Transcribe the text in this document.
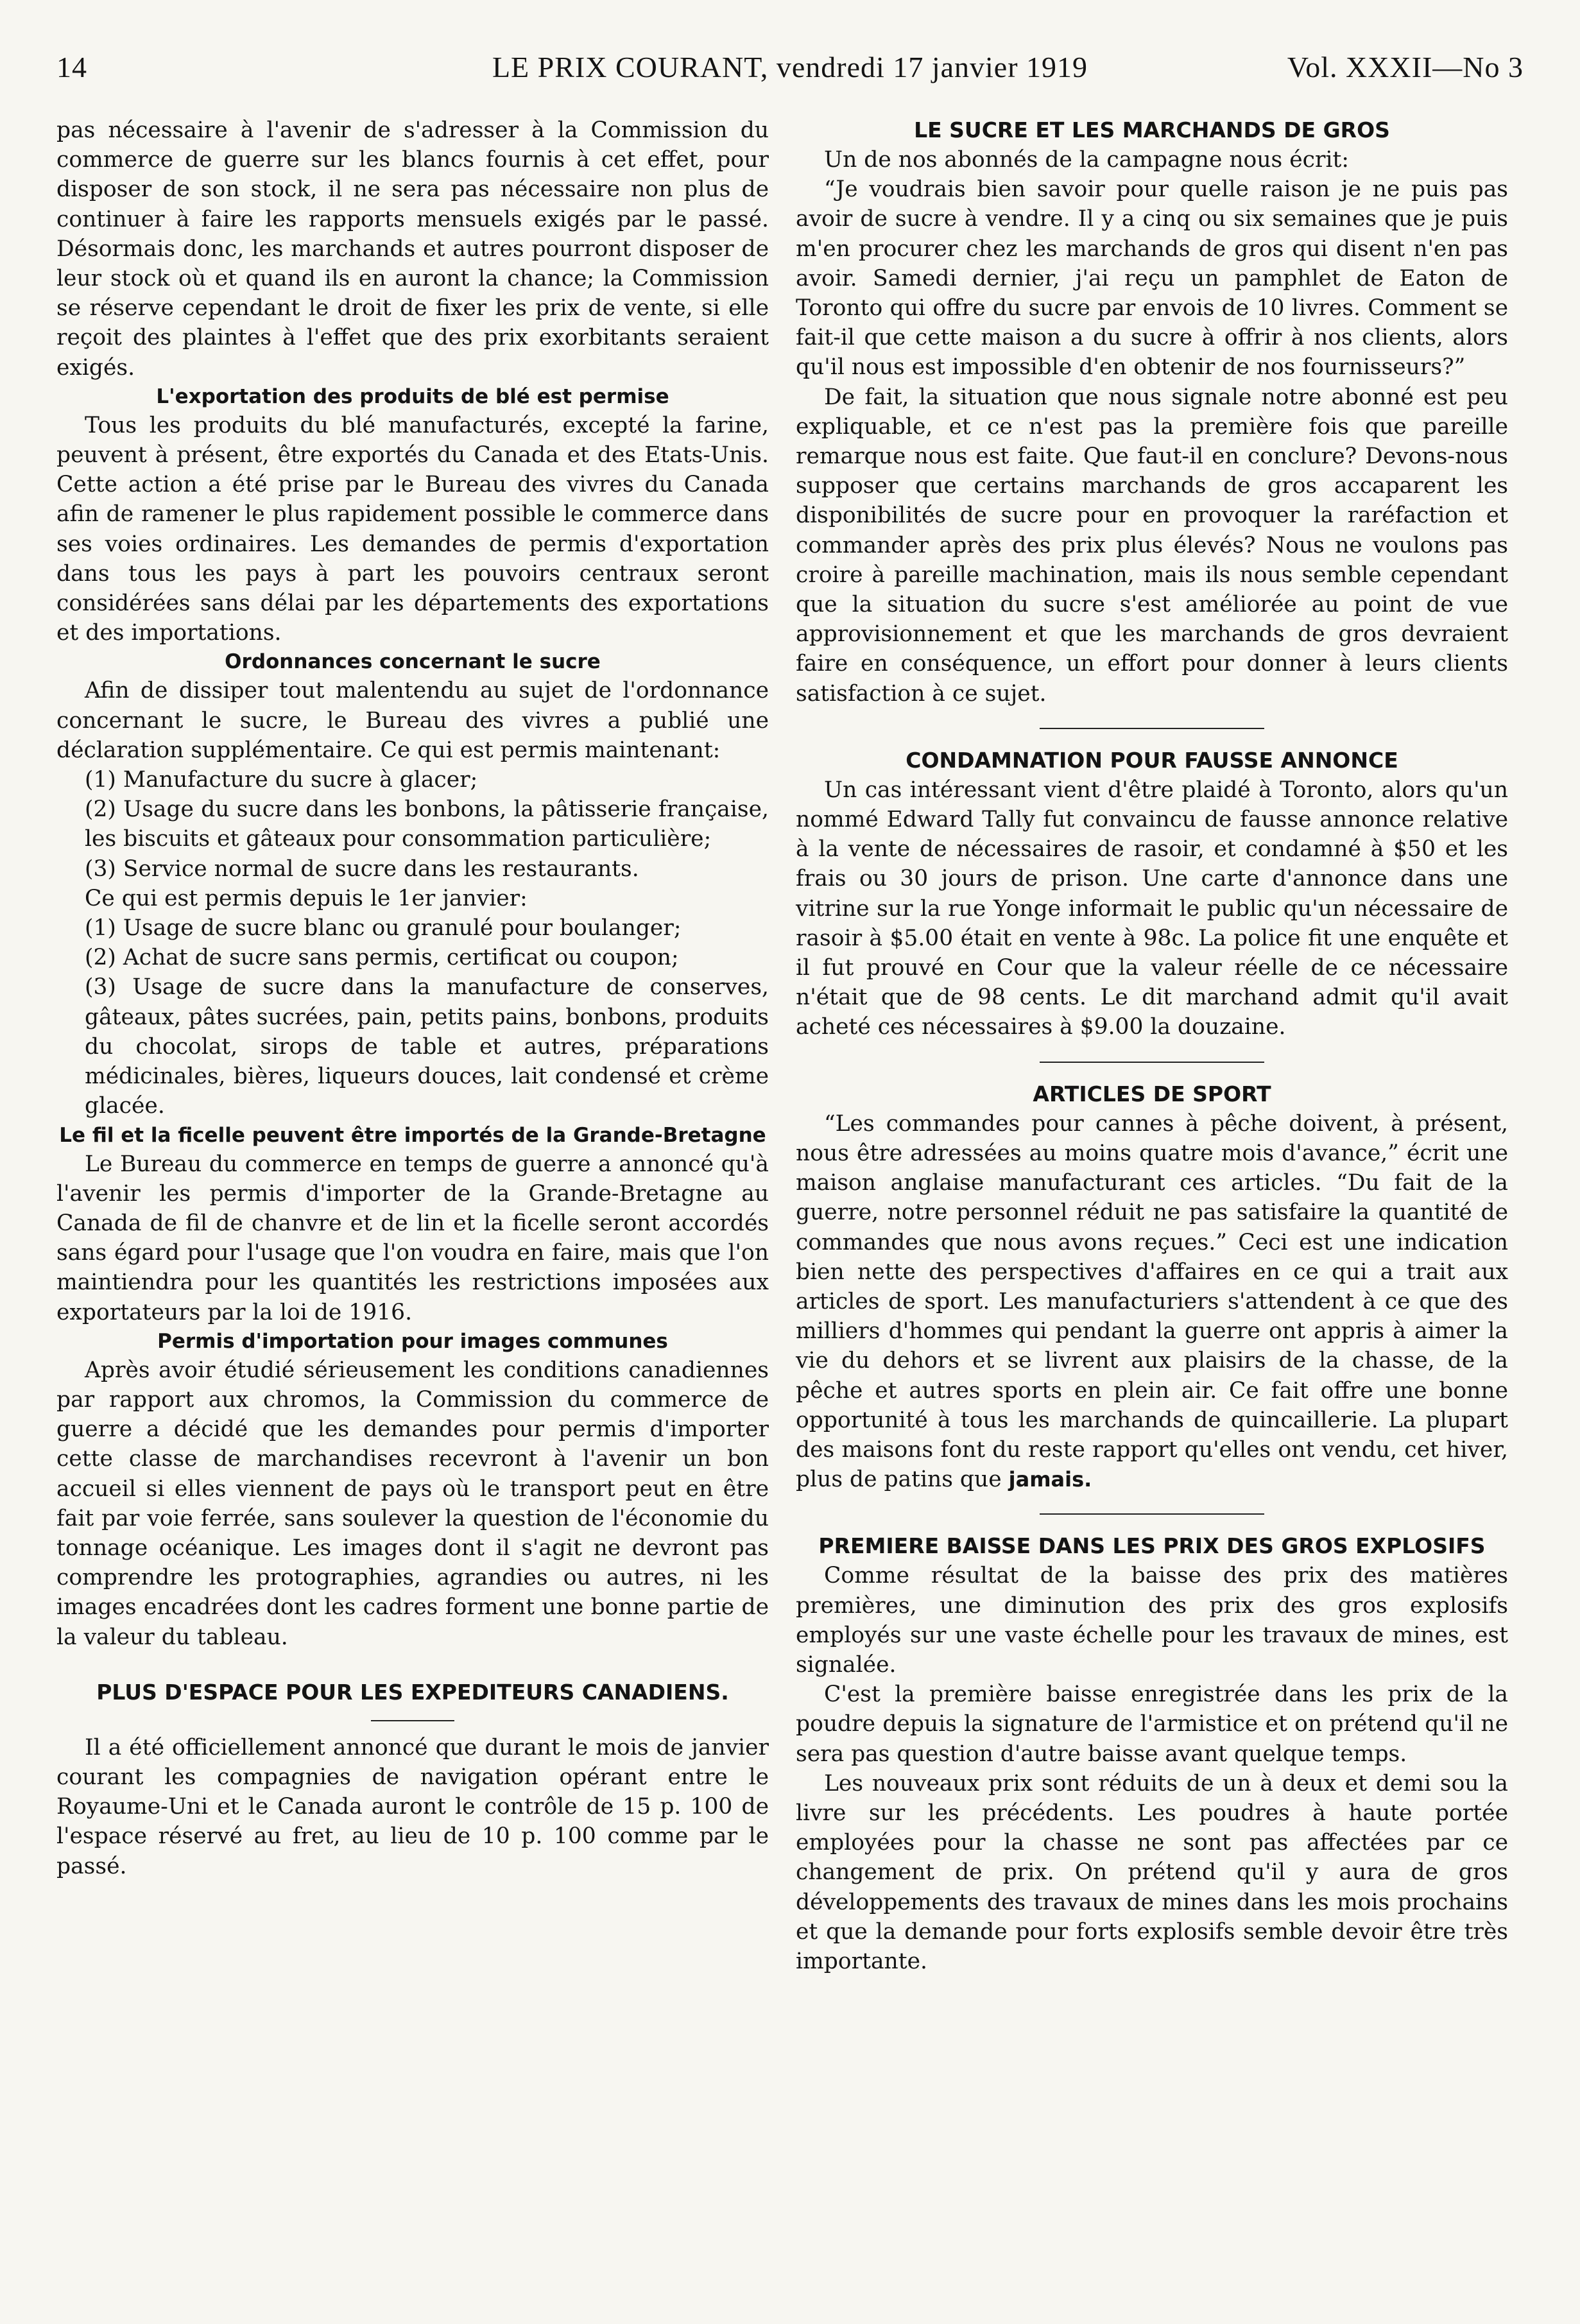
14	LE PRIX COURANT, vendredi 17 janvier 1919	Vol. XXXII—No 3

pas nécessaire à l'avenir de s'adresser à la Commission du commerce de guerre sur les blancs fournis à cet effet, pour disposer de son stock, il ne sera pas nécessaire non plus de continuer à faire les rapports mensuels exigés par le passé. Désormais donc, les marchands et autres pourront disposer de leur stock où et quand ils en auront la chance; la Commission se réserve cependant le droit de fixer les prix de vente, si elle reçoit des plaintes à l'effet que des prix exorbitants seraient exigés.

L'exportation des produits de blé est permise

Tous les produits du blé manufacturés, excepté la farine, peuvent à présent, être exportés du Canada et des Etats-Unis. Cette action a été prise par le Bureau des vivres du Canada afin de ramener le plus rapidement possible le commerce dans ses voies ordinaires. Les demandes de permis d'exportation dans tous les pays à part les pouvoirs centraux seront considérées sans délai par les départements des exportations et des importations.

Ordonnances concernant le sucre

Afin de dissiper tout malentendu au sujet de l'ordonnance concernant le sucre, le Bureau des vivres a publié une déclaration supplémentaire. Ce qui est permis maintenant:

(1) Manufacture du sucre à glacer;

(2) Usage du sucre dans les bonbons, la pâtisserie française, les biscuits et gâteaux pour consommation particulière;

(3) Service normal de sucre dans les restaurants.

Ce qui est permis depuis le 1er janvier:

(1) Usage de sucre blanc ou granulé pour boulanger;

(2) Achat de sucre sans permis, certificat ou coupon;

(3) Usage de sucre dans la manufacture de conserves, gâteaux, pâtes sucrées, pain, petits pains, bonbons, produits du chocolat, sirops de table et autres, préparations médicinales, bières, liqueurs douces, lait condensé et crème glacée.

Le fil et la ficelle peuvent être importés de la Grande-Bretagne

Le Bureau du commerce en temps de guerre a annoncé qu'à l'avenir les permis d'importer de la Grande-Bretagne au Canada de fil de chanvre et de lin et la ficelle seront accordés sans égard pour l'usage que l'on voudra en faire, mais que l'on maintiendra pour les quantités les restrictions imposées aux exportateurs par la loi de 1916.

Permis d'importation pour images communes

Après avoir étudié sérieusement les conditions canadiennes par rapport aux chromos, la Commission du commerce de guerre a décidé que les demandes pour permis d'importer cette classe de marchandises recevront à l'avenir un bon accueil si elles viennent de pays où le transport peut en être fait par voie ferrée, sans soulever la question de l'économie du tonnage océanique. Les images dont il s'agit ne devront pas comprendre les protographies, agrandies ou autres, ni les images encadrées dont les cadres forment une bonne partie de la valeur du tableau.

PLUS D'ESPACE POUR LES EXPEDITEURS CANADIENS.

Il a été officiellement annoncé que durant le mois de janvier courant les compagnies de navigation opérant entre le Royaume-Uni et le Canada auront le contrôle de 15 p. 100 de l'espace réservé au fret, au lieu de 10 p. 100 comme par le passé.

LE SUCRE ET LES MARCHANDS DE GROS

Un de nos abonnés de la campagne nous écrit:

“Je voudrais bien savoir pour quelle raison je ne puis pas avoir de sucre à vendre. Il y a cinq ou six semaines que je puis m'en procurer chez les marchands de gros qui disent n'en pas avoir. Samedi dernier, j'ai reçu un pamphlet de Eaton de Toronto qui offre du sucre par envois de 10 livres. Comment se fait-il que cette maison a du sucre à offrir à nos clients, alors qu'il nous est impossible d'en obtenir de nos fournisseurs?”

De fait, la situation que nous signale notre abonné est peu expliquable, et ce n'est pas la première fois que pareille remarque nous est faite. Que faut-il en conclure? Devons-nous supposer que certains marchands de gros accaparent les disponibilités de sucre pour en provoquer la raréfaction et commander après des prix plus élevés? Nous ne voulons pas croire à pareille machination, mais ils nous semble cependant que la situation du sucre s'est améliorée au point de vue approvisionnement et que les marchands de gros devraient faire en conséquence, un effort pour donner à leurs clients satisfaction à ce sujet.

CONDAMNATION POUR FAUSSE ANNONCE

Un cas intéressant vient d'être plaidé à Toronto, alors qu'un nommé Edward Tally fut convaincu de fausse annonce relative à la vente de nécessaires de rasoir, et condamné à $50 et les frais ou 30 jours de prison. Une carte d'annonce dans une vitrine sur la rue Yonge informait le public qu'un nécessaire de rasoir à $5.00 était en vente à 98c. La police fit une enquête et il fut prouvé en Cour que la valeur réelle de ce nécessaire n'était que de 98 cents. Le dit marchand admit qu'il avait acheté ces nécessaires à $9.00 la douzaine.

ARTICLES DE SPORT

“Les commandes pour cannes à pêche doivent, à présent, nous être adressées au moins quatre mois d'avance,” écrit une maison anglaise manufacturant ces articles. “Du fait de la guerre, notre personnel réduit ne pas satisfaire la quantité de commandes que nous avons reçues.” Ceci est une indication bien nette des perspectives d'affaires en ce qui a trait aux articles de sport. Les manufacturiers s'attendent à ce que des milliers d'hommes qui pendant la guerre ont appris à aimer la vie du dehors et se livrent aux plaisirs de la chasse, de la pêche et autres sports en plein air. Ce fait offre une bonne opportunité à tous les marchands de quincaillerie. La plupart des maisons font du reste rapport qu'elles ont vendu, cet hiver, plus de patins que jamais.

PREMIERE BAISSE DANS LES PRIX DES GROS EXPLOSIFS

Comme résultat de la baisse des prix des matières premières, une diminution des prix des gros explosifs employés sur une vaste échelle pour les travaux de mines, est signalée.

C'est la première baisse enregistrée dans les prix de la poudre depuis la signature de l'armistice et on prétend qu'il ne sera pas question d'autre baisse avant quelque temps.

Les nouveaux prix sont réduits de un à deux et demi sou la livre sur les précédents. Les poudres à haute portée employées pour la chasse ne sont pas affectées par ce changement de prix. On prétend qu'il y aura de gros développements des travaux de mines dans les mois prochains et que la demande pour forts explosifs semble devoir être très importante.
